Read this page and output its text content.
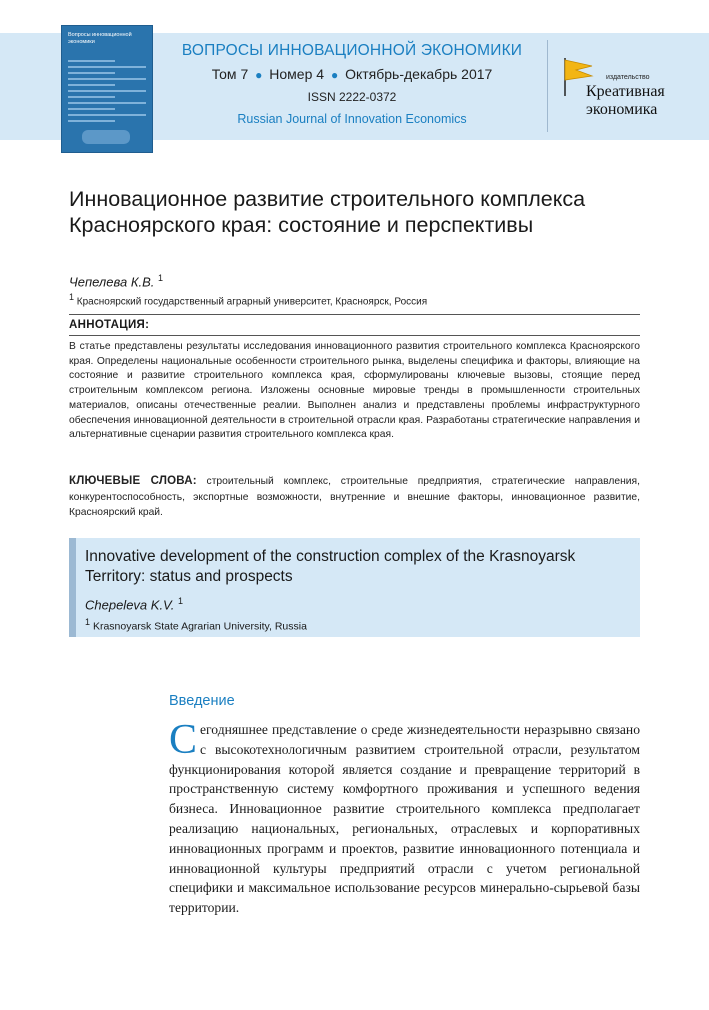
Вопросы инновационной экономики	ВОПРОСЫ ИННОВАЦИОННОЙ ЭКОНОМИКИ
Том 7 ● Номер 4 ● Октябрь-декабрь 2017
ISSN 2222-0372
Russian Journal of Innovation Economics
издательство
Креативная
экономика
Инновационное развитие строительного комплекса Красноярского края: состояние и перспективы
Чепелева К.В. $^1$
$^1$ Красноярский государственный аграрный университет, Красноярск, Россия
АННОТАЦИЯ:
В статье представлены результаты исследования инновационного развития строительного комплекса Красноярского края. Определены национальные особенности строительного рынка, выделены специфика и факторы, влияющие на состояние и развитие строительного комплекса края, сформулированы ключевые вызовы, стоящие перед строительным комплексом региона. Изложены основные мировые тренды в промышленности строительных материалов, описаны отечественные реалии. Выполнен анализ и представлены проблемы инфраструктурного обеспечения инновационной деятельности в строительной отрасли края. Разработаны стратегические направления и альтернативные сценарии развития строительного комплекса края.
КЛЮЧЕВЫЕ СЛОВА: строительный комплекс, строительные предприятия, стратегические направления, конкурентоспособность, экспортные возможности, внутренние и внешние факторы, инновационное развитие, Красноярский край.
Innovative development of the construction complex of the Krasnoyarsk Territory: status and prospects
Chepeleva K.V. $^1$
$^1$ Krasnoyarsk State Agrarian University, Russia
Введение
Сегодняшнее представление о среде жизнедеятельности неразрывно связано с высокотехнологичным развитием строительной отрасли, результатом функционирования которой является создание и превращение территорий в пространственную систему комфортного проживания и успешного ведения бизнеса. Инновационное развитие строительного комплекса предполагает реализацию национальных, региональных, отраслевых и корпоративных инновационных программ и проектов, развитие инновационного потенциала и инновационной культуры предприятий отрасли с учетом региональной специфики и максимальное использование ресурсов минерально-сырьевой базы территории.
